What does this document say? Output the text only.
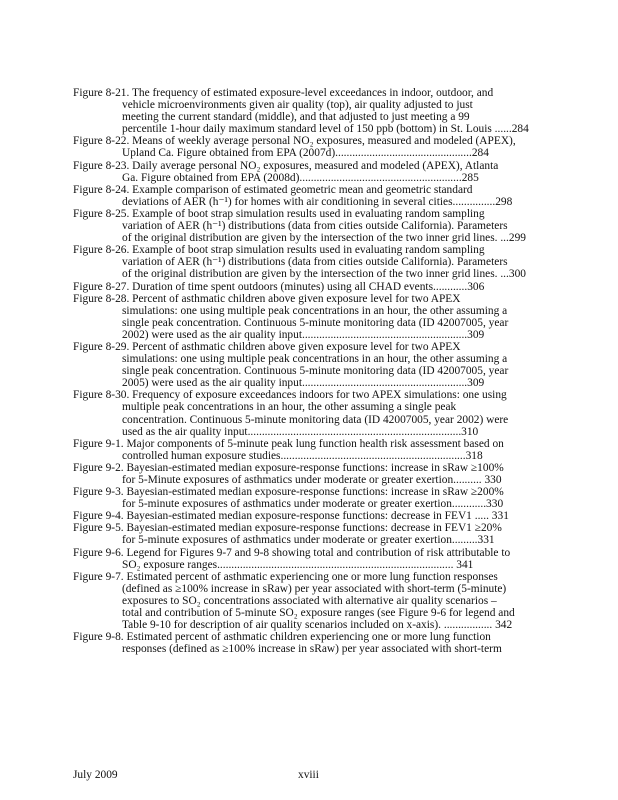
Figure 8-21. The frequency of estimated exposure-level exceedances in indoor, outdoor, and
vehicle microenvironments given air quality (top), air quality adjusted to just
meeting the current standard (middle), and that adjusted to just meeting a 99
percentile 1-hour daily maximum standard level of 150 ppb (bottom) in St. Louis ......284
Figure 8-22. Means of weekly average personal NO₂ exposures, measured and modeled (APEX),
Upland Ca. Figure obtained from EPA (2007d)................................................284
Figure 8-23. Daily average personal NO₂ exposures, measured and modeled (APEX), Atlanta
Ga. Figure obtained from EPA (2008d).........................................................285
Figure 8-24. Example comparison of estimated geometric mean and geometric standard
deviations of AER (h⁻¹) for homes with air conditioning in several cities...............298
Figure 8-25. Example of boot strap simulation results used in evaluating random sampling
variation of AER (h⁻¹) distributions (data from cities outside California). Parameters
of the original distribution are given by the intersection of the two inner grid lines. ...299
Figure 8-26. Example of boot strap simulation results used in evaluating random sampling
variation of AER (h⁻¹) distributions (data from cities outside California). Parameters
of the original distribution are given by the intersection of the two inner grid lines. ...300
Figure 8-27. Duration of time spent outdoors (minutes) using all CHAD events............306
Figure 8-28. Percent of asthmatic children above given exposure level for two APEX
simulations: one using multiple peak concentrations in an hour, the other assuming a
single peak concentration. Continuous 5-minute monitoring data (ID 42007005, year
2002) were used as the air quality input..........................................................309
Figure 8-29. Percent of asthmatic children above given exposure level for two APEX
simulations: one using multiple peak concentrations in an hour, the other assuming a
single peak concentration. Continuous 5-minute monitoring data (ID 42007005, year
2005) were used as the air quality input..........................................................309
Figure 8-30. Frequency of exposure exceedances indoors for two APEX simulations: one using
multiple peak concentrations in an hour, the other assuming a single peak
concentration. Continuous 5-minute monitoring data (ID 42007005, year 2002) were
used as the air quality input...........................................................................310
Figure 9-1. Major components of 5-minute peak lung function health risk assessment based on
controlled human exposure studies.................................................................318
Figure 9-2. Bayesian-estimated median exposure-response functions: increase in sRaw ≥100%
for 5-Minute exposures of asthmatics under moderate or greater exertion.......... 330
Figure 9-3. Bayesian-estimated median exposure-response functions: increase in sRaw ≥200%
for 5-minute exposures of asthmatics under moderate or greater exertion............330
Figure 9-4. Bayesian-estimated median exposure-response functions: decrease in FEV1 ..... 331
Figure 9-5. Bayesian-estimated median exposure-response functions: decrease in FEV1 ≥20%
for 5-minute exposures of asthmatics under moderate or greater exertion.........331
Figure 9-6. Legend for Figures 9-7 and 9-8 showing total and contribution of risk attributable to
SO₂ exposure ranges................................................................................... 341
Figure 9-7. Estimated percent of asthmatic experiencing one or more lung function responses
(defined as ≥100% increase in sRaw) per year associated with short-term (5-minute)
exposures to SO₂ concentrations associated with alternative air quality scenarios –
total and contribution of 5-minute SO₂ exposure ranges (see Figure 9-6 for legend and
Table 9-10 for description of air quality scenarios included on x-axis). ................. 342
Figure 9-8. Estimated percent of asthmatic children experiencing one or more lung function
responses (defined as ≥100% increase in sRaw) per year associated with short-term
July 2009	xviii
